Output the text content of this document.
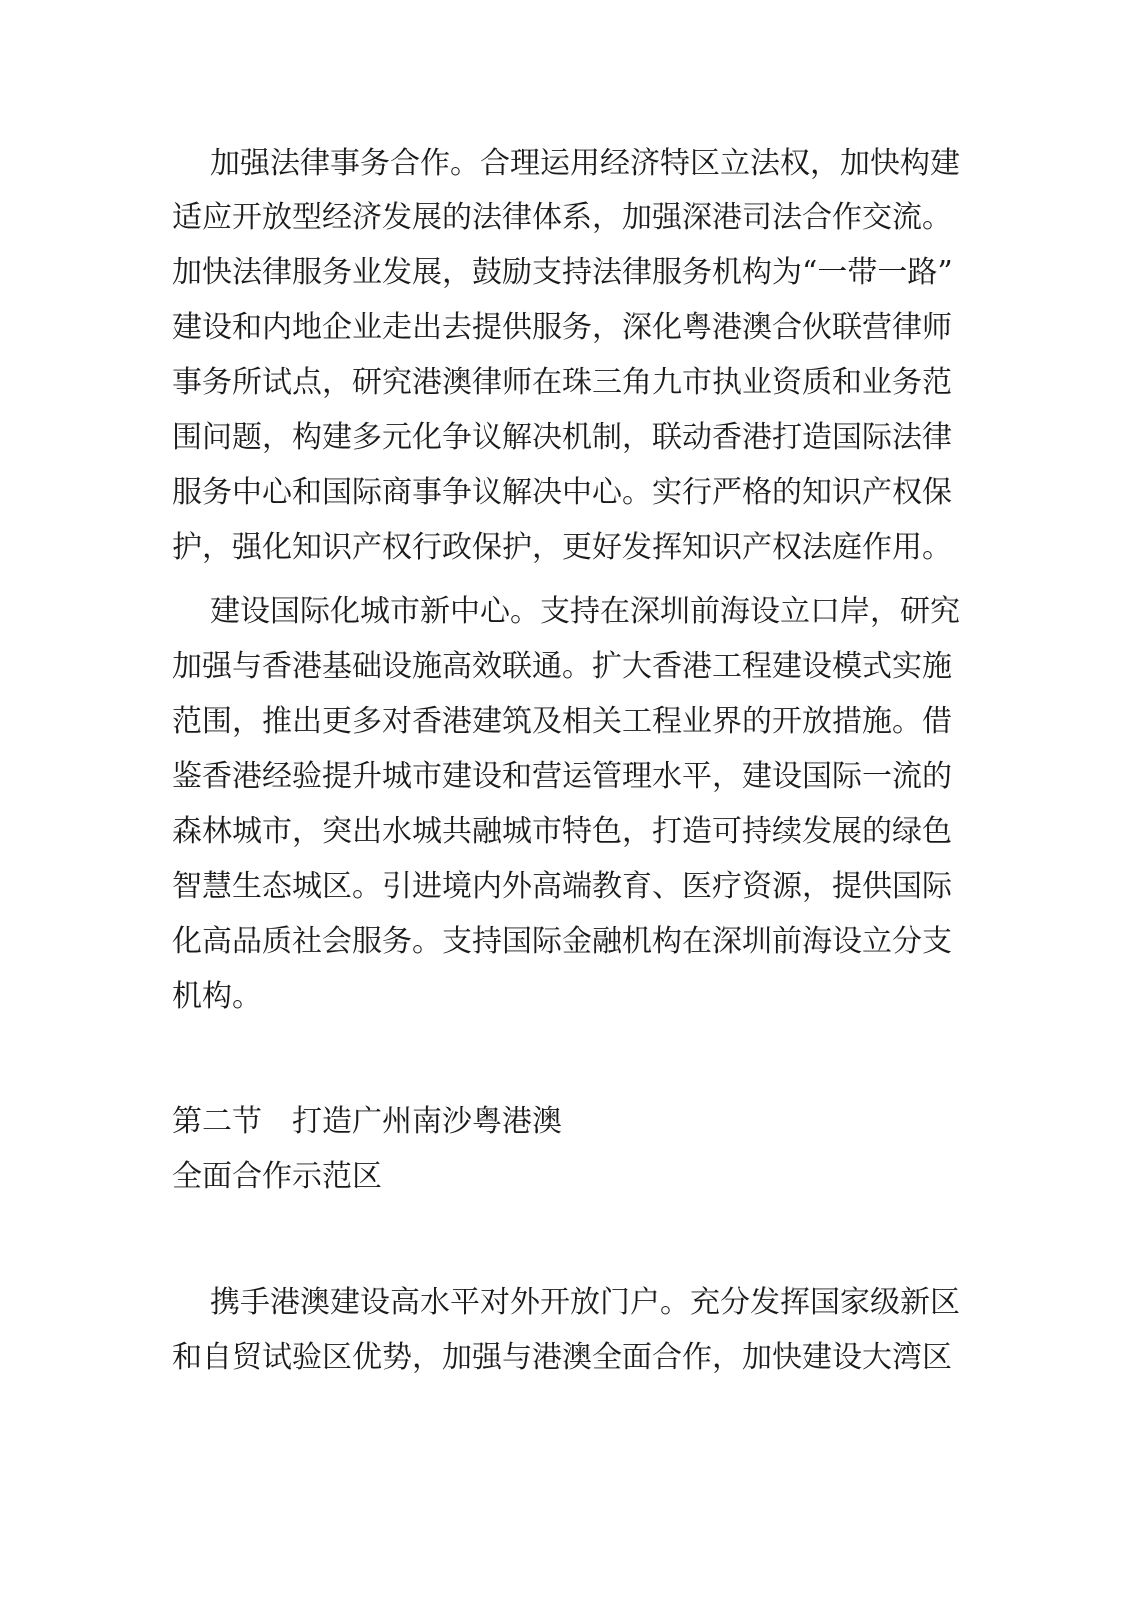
加强法律事务合作。合理运用经济特区立法权，加快构建
适应开放型经济发展的法律体系，加强深港司法合作交流。
加快法律服务业发展，鼓励支持法律服务机构为“一带一路”
建设和内地企业走出去提供服务，深化粤港澳合伙联营律师
事务所试点，研究港澳律师在珠三角九市执业资质和业务范
围问题，构建多元化争议解决机制，联动香港打造国际法律
服务中心和国际商事争议解决中心。实行严格的知识产权保
护，强化知识产权行政保护，更好发挥知识产权法庭作用。
建设国际化城市新中心。支持在深圳前海设立口岸，研究
加强与香港基础设施高效联通。扩大香港工程建设模式实施
范围，推出更多对香港建筑及相关工程业界的开放措施。借
鉴香港经验提升城市建设和营运管理水平，建设国际一流的
森林城市，突出水城共融城市特色，打造可持续发展的绿色
智慧生态城区。引进境内外高端教育、医疗资源，提供国际
化高品质社会服务。支持国际金融机构在深圳前海设立分支
机构。
第二节 打造广州南沙粤港澳
全面合作示范区
携手港澳建设高水平对外开放门户。充分发挥国家级新区
和自贸试验区优势，加强与港澳全面合作，加快建设大湾区
